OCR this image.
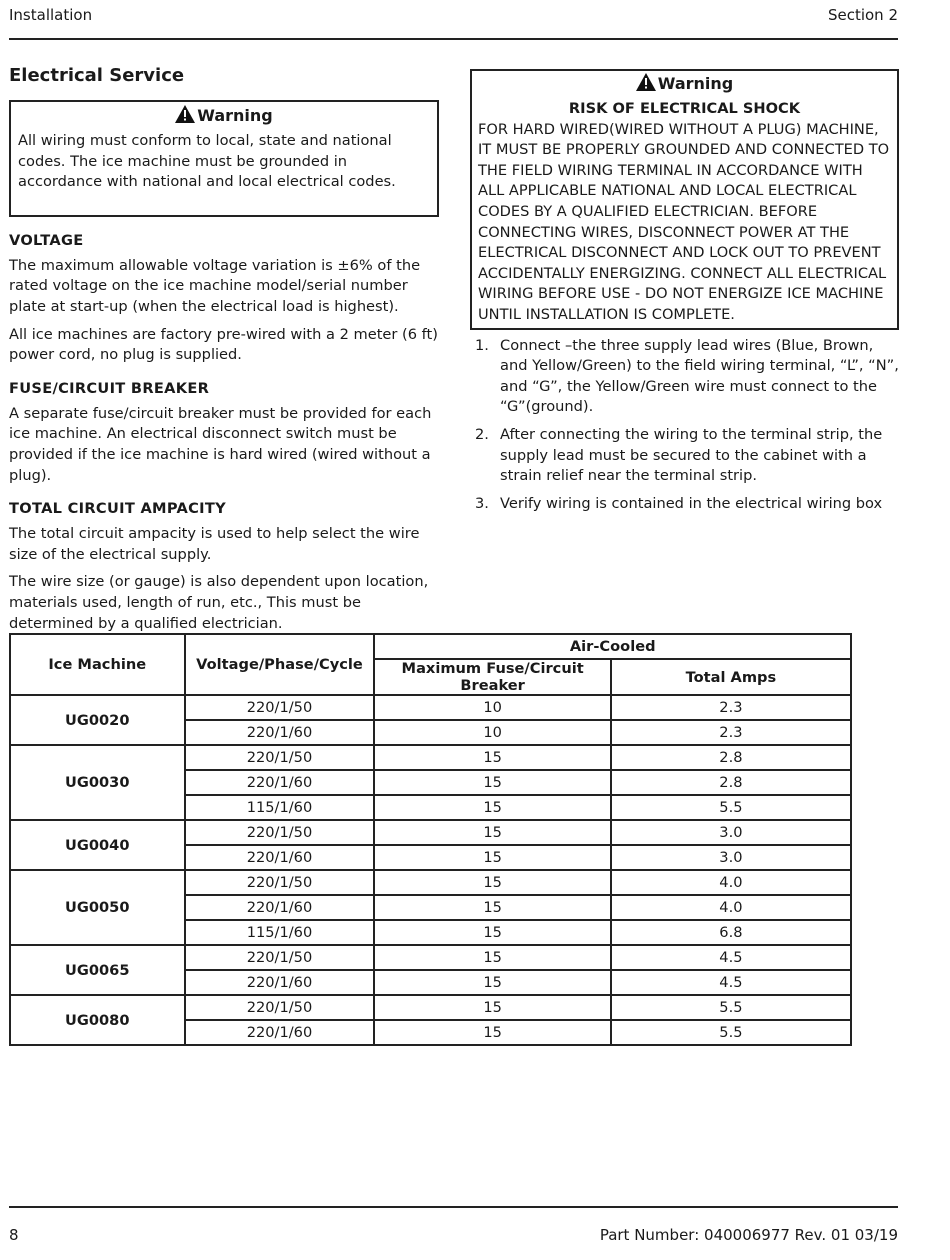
Installation	Section 2
Electrical Service
Warning
All wiring must conform to local, state and national codes. The ice machine must be grounded in accordance with national and local electrical codes.
VOLTAGE

The maximum allowable voltage variation is ±6% of the rated voltage on the ice machine model/serial number plate at start-up (when the electrical load is highest).

All ice machines are factory pre-wired with a 2 meter (6 ft) power cord, no plug is supplied.

FUSE/CIRCUIT BREAKER

A separate fuse/circuit breaker must be provided for each ice machine. An electrical disconnect switch must be provided if the ice machine is hard wired (wired without a plug).

TOTAL CIRCUIT AMPACITY

The total circuit ampacity is used to help select the wire size of the electrical supply.

The wire size (or gauge) is also dependent upon location, materials used, length of run, etc., This must be determined by a qualified electrician.

Warning
RISK OF ELECTRICAL SHOCK
FOR HARD WIRED(WIRED WITHOUT A PLUG) MACHINE, IT MUST BE PROPERLY GROUNDED AND CONNECTED TO THE FIELD WIRING TERMINAL IN ACCORDANCE WITH ALL APPLICABLE NATIONAL AND LOCAL ELECTRICAL CODES BY A QUALIFIED ELECTRICIAN. BEFORE CONNECTING WIRES, DISCONNECT POWER AT THE ELECTRICAL DISCONNECT AND LOCK OUT TO PREVENT ACCIDENTALLY ENERGIZING. CONNECT ALL ELECTRICAL WIRING BEFORE USE - DO NOT ENERGIZE ICE MACHINE UNTIL INSTALLATION IS COMPLETE.
1. Connect –the three supply lead wires (Blue, Brown, and Yellow/Green) to the field wiring terminal, “L”, “N”, and “G”, the Yellow/Green wire must connect to the “G”(ground).
2. After connecting the wiring to the terminal strip, the supply lead must be secured to the cabinet with a strain relief near the terminal strip.
3. Verify wiring is contained in the electrical wiring box
Ice Machine	Voltage/Phase/Cycle	Air-Cooled	
		Maximum Fuse/Circuit Breaker	Total Amps
UG0020	220/1/50	10	2.3
	220/1/60	10	2.3
UG0030	220/1/50	15	2.8
	220/1/60	15	2.8
	115/1/60	15	5.5
UG0040	220/1/50	15	3.0
	220/1/60	15	3.0
UG0050	220/1/50	15	4.0
	220/1/60	15	4.0
	115/1/60	15	6.8
UG0065	220/1/50	15	4.5
	220/1/60	15	4.5
UG0080	220/1/50	15	5.5
	220/1/60	15	5.5
8	Part Number: 040006977 Rev. 01 03/19
